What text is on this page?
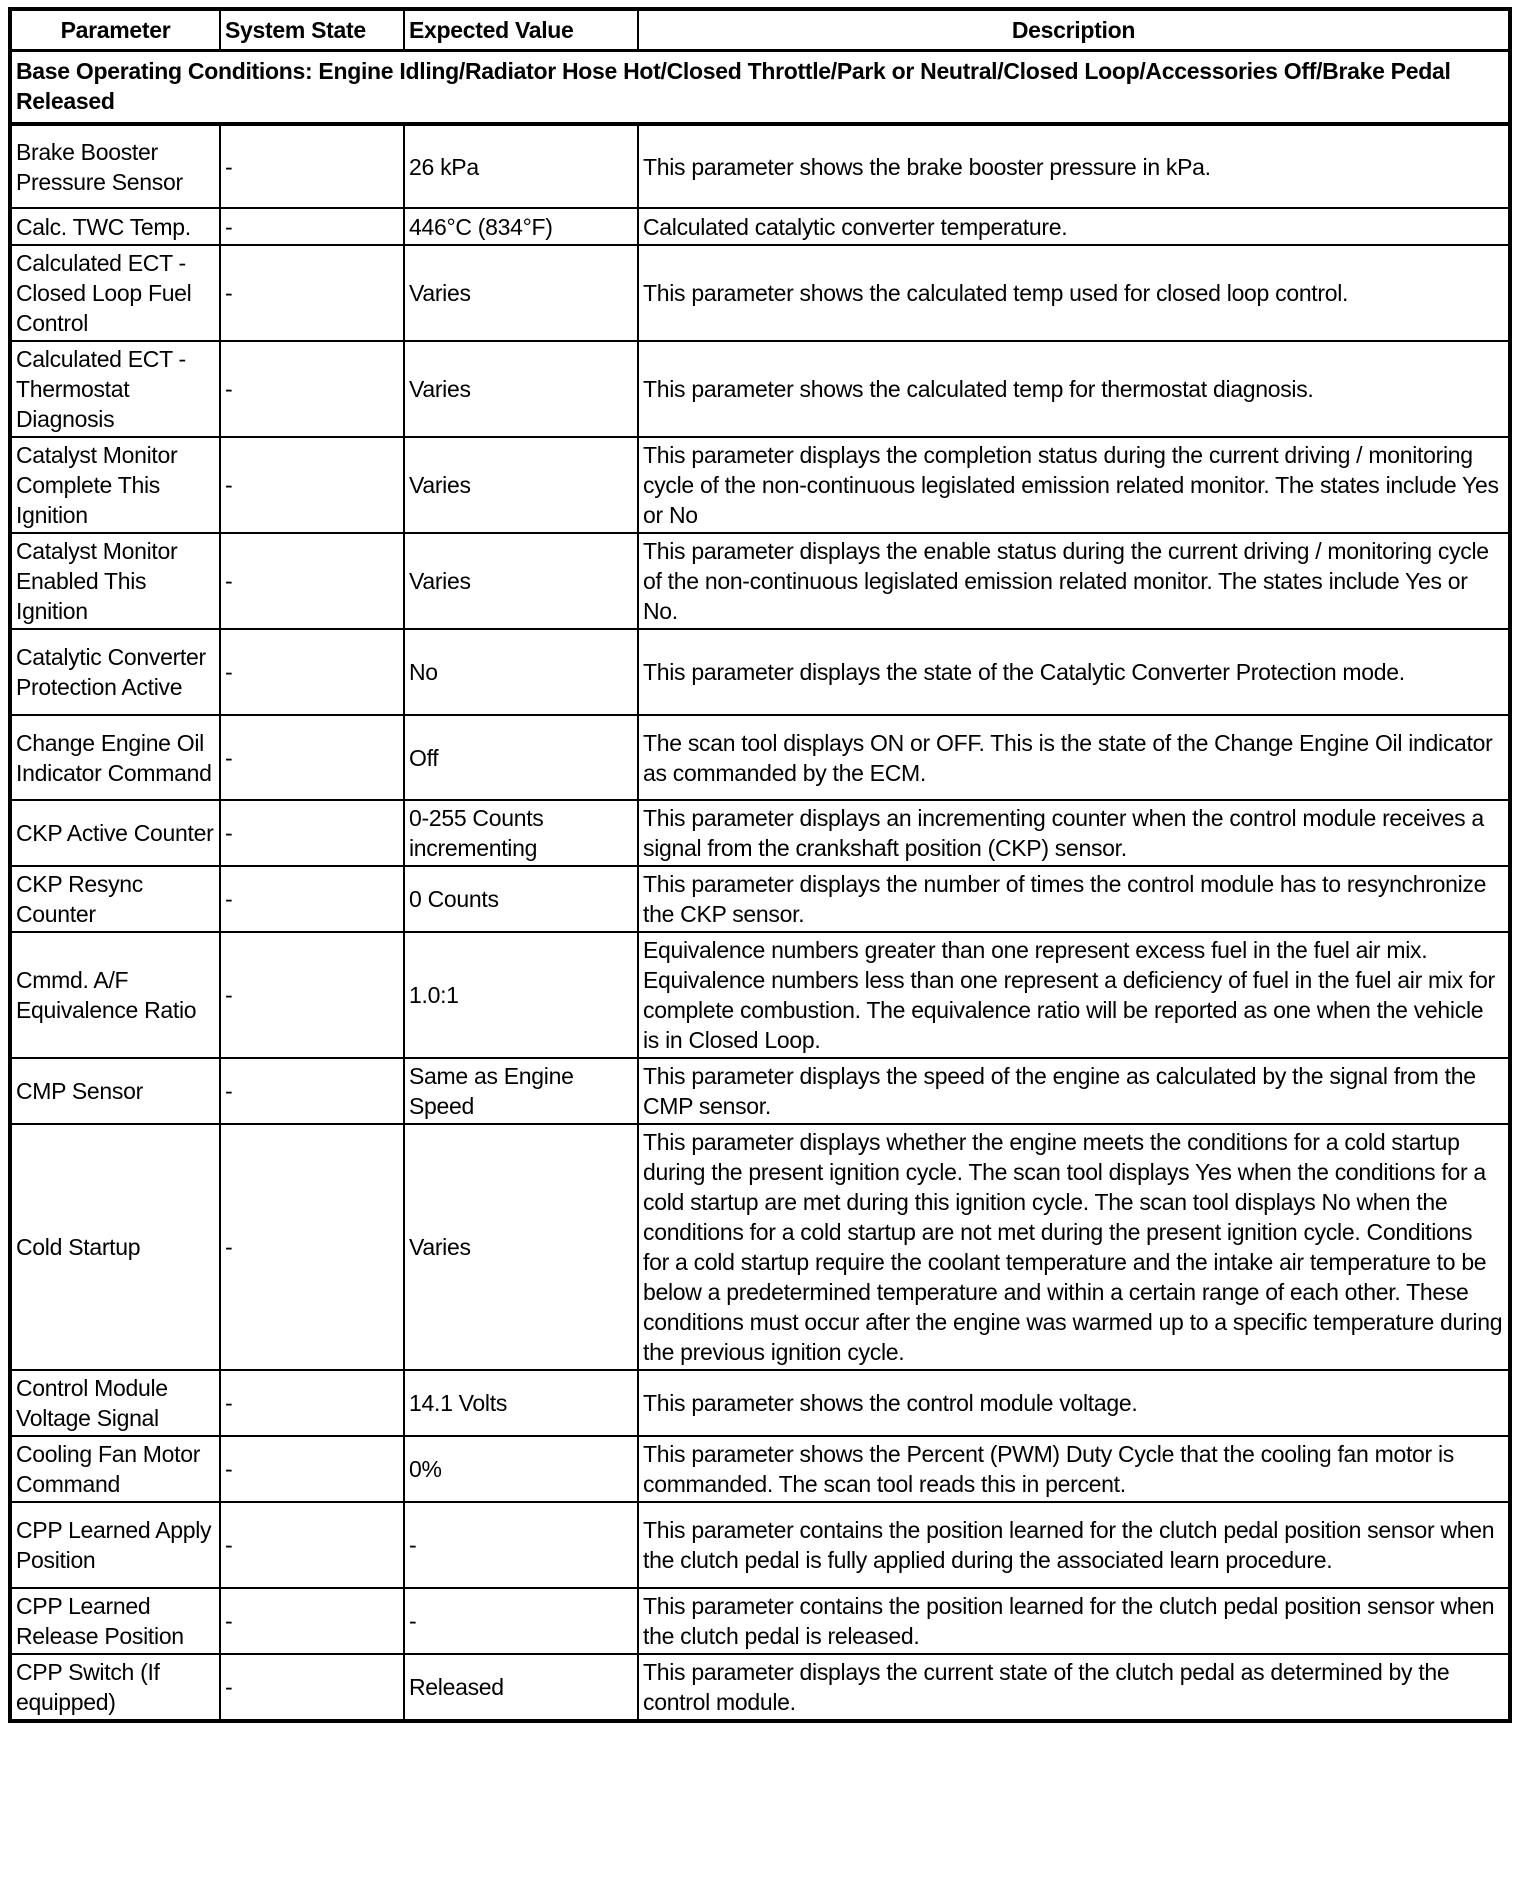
Parameter	System State	Expected Value	Description
Base Operating Conditions: Engine Idling/Radiator Hose Hot/Closed Throttle/Park or Neutral/Closed Loop/Accessories Off/Brake Pedal Released			
Brake Booster Pressure Sensor	-	26 kPa	This parameter shows the brake booster pressure in kPa.
Calc. TWC Temp.	-	446°C (834°F)	Calculated catalytic converter temperature.
Calculated ECT - Closed Loop Fuel Control	-	Varies	This parameter shows the calculated temp used for closed loop control.
Calculated ECT - Thermostat Diagnosis	-	Varies	This parameter shows the calculated temp for thermostat diagnosis.
Catalyst Monitor Complete This Ignition	-	Varies	This parameter displays the completion status during the current driving / monitoring cycle of the non-continuous legislated emission related monitor. The states include Yes or No
Catalyst Monitor Enabled This Ignition	-	Varies	This parameter displays the enable status during the current driving / monitoring cycle of the non-continuous legislated emission related monitor. The states include Yes or No.
Catalytic Converter Protection Active	-	No	This parameter displays the state of the Catalytic Converter Protection mode.
Change Engine Oil Indicator Command	-	Off	The scan tool displays ON or OFF. This is the state of the Change Engine Oil indicator as commanded by the ECM.
CKP Active Counter	-	0-255 Counts incrementing	This parameter displays an incrementing counter when the control module receives a signal from the crankshaft position (CKP) sensor.
CKP Resync Counter	-	0 Counts	This parameter displays the number of times the control module has to resynchronize the CKP sensor.
Cmmd. A/F Equivalence Ratio	-	1.0:1	Equivalence numbers greater than one represent excess fuel in the fuel air mix. Equivalence numbers less than one represent a deficiency of fuel in the fuel air mix for complete combustion. The equivalence ratio will be reported as one when the vehicle is in Closed Loop.
CMP Sensor	-	Same as Engine Speed	This parameter displays the speed of the engine as calculated by the signal from the CMP sensor.
Cold Startup	-	Varies	This parameter displays whether the engine meets the conditions for a cold startup during the present ignition cycle. The scan tool displays Yes when the conditions for a cold startup are met during this ignition cycle. The scan tool displays No when the conditions for a cold startup are not met during the present ignition cycle. Conditions for a cold startup require the coolant temperature and the intake air temperature to be below a predetermined temperature and within a certain range of each other. These conditions must occur after the engine was warmed up to a specific temperature during the previous ignition cycle.
Control Module Voltage Signal	-	14.1 Volts	This parameter shows the control module voltage.
Cooling Fan Motor Command	-	0%	This parameter shows the Percent (PWM) Duty Cycle that the cooling fan motor is commanded. The scan tool reads this in percent.
CPP Learned Apply Position	-	-	This parameter contains the position learned for the clutch pedal position sensor when the clutch pedal is fully applied during the associated learn procedure.
CPP Learned Release Position	-	-	This parameter contains the position learned for the clutch pedal position sensor when the clutch pedal is released.
CPP Switch (If equipped)	-	Released	This parameter displays the current state of the clutch pedal as determined by the control module.
